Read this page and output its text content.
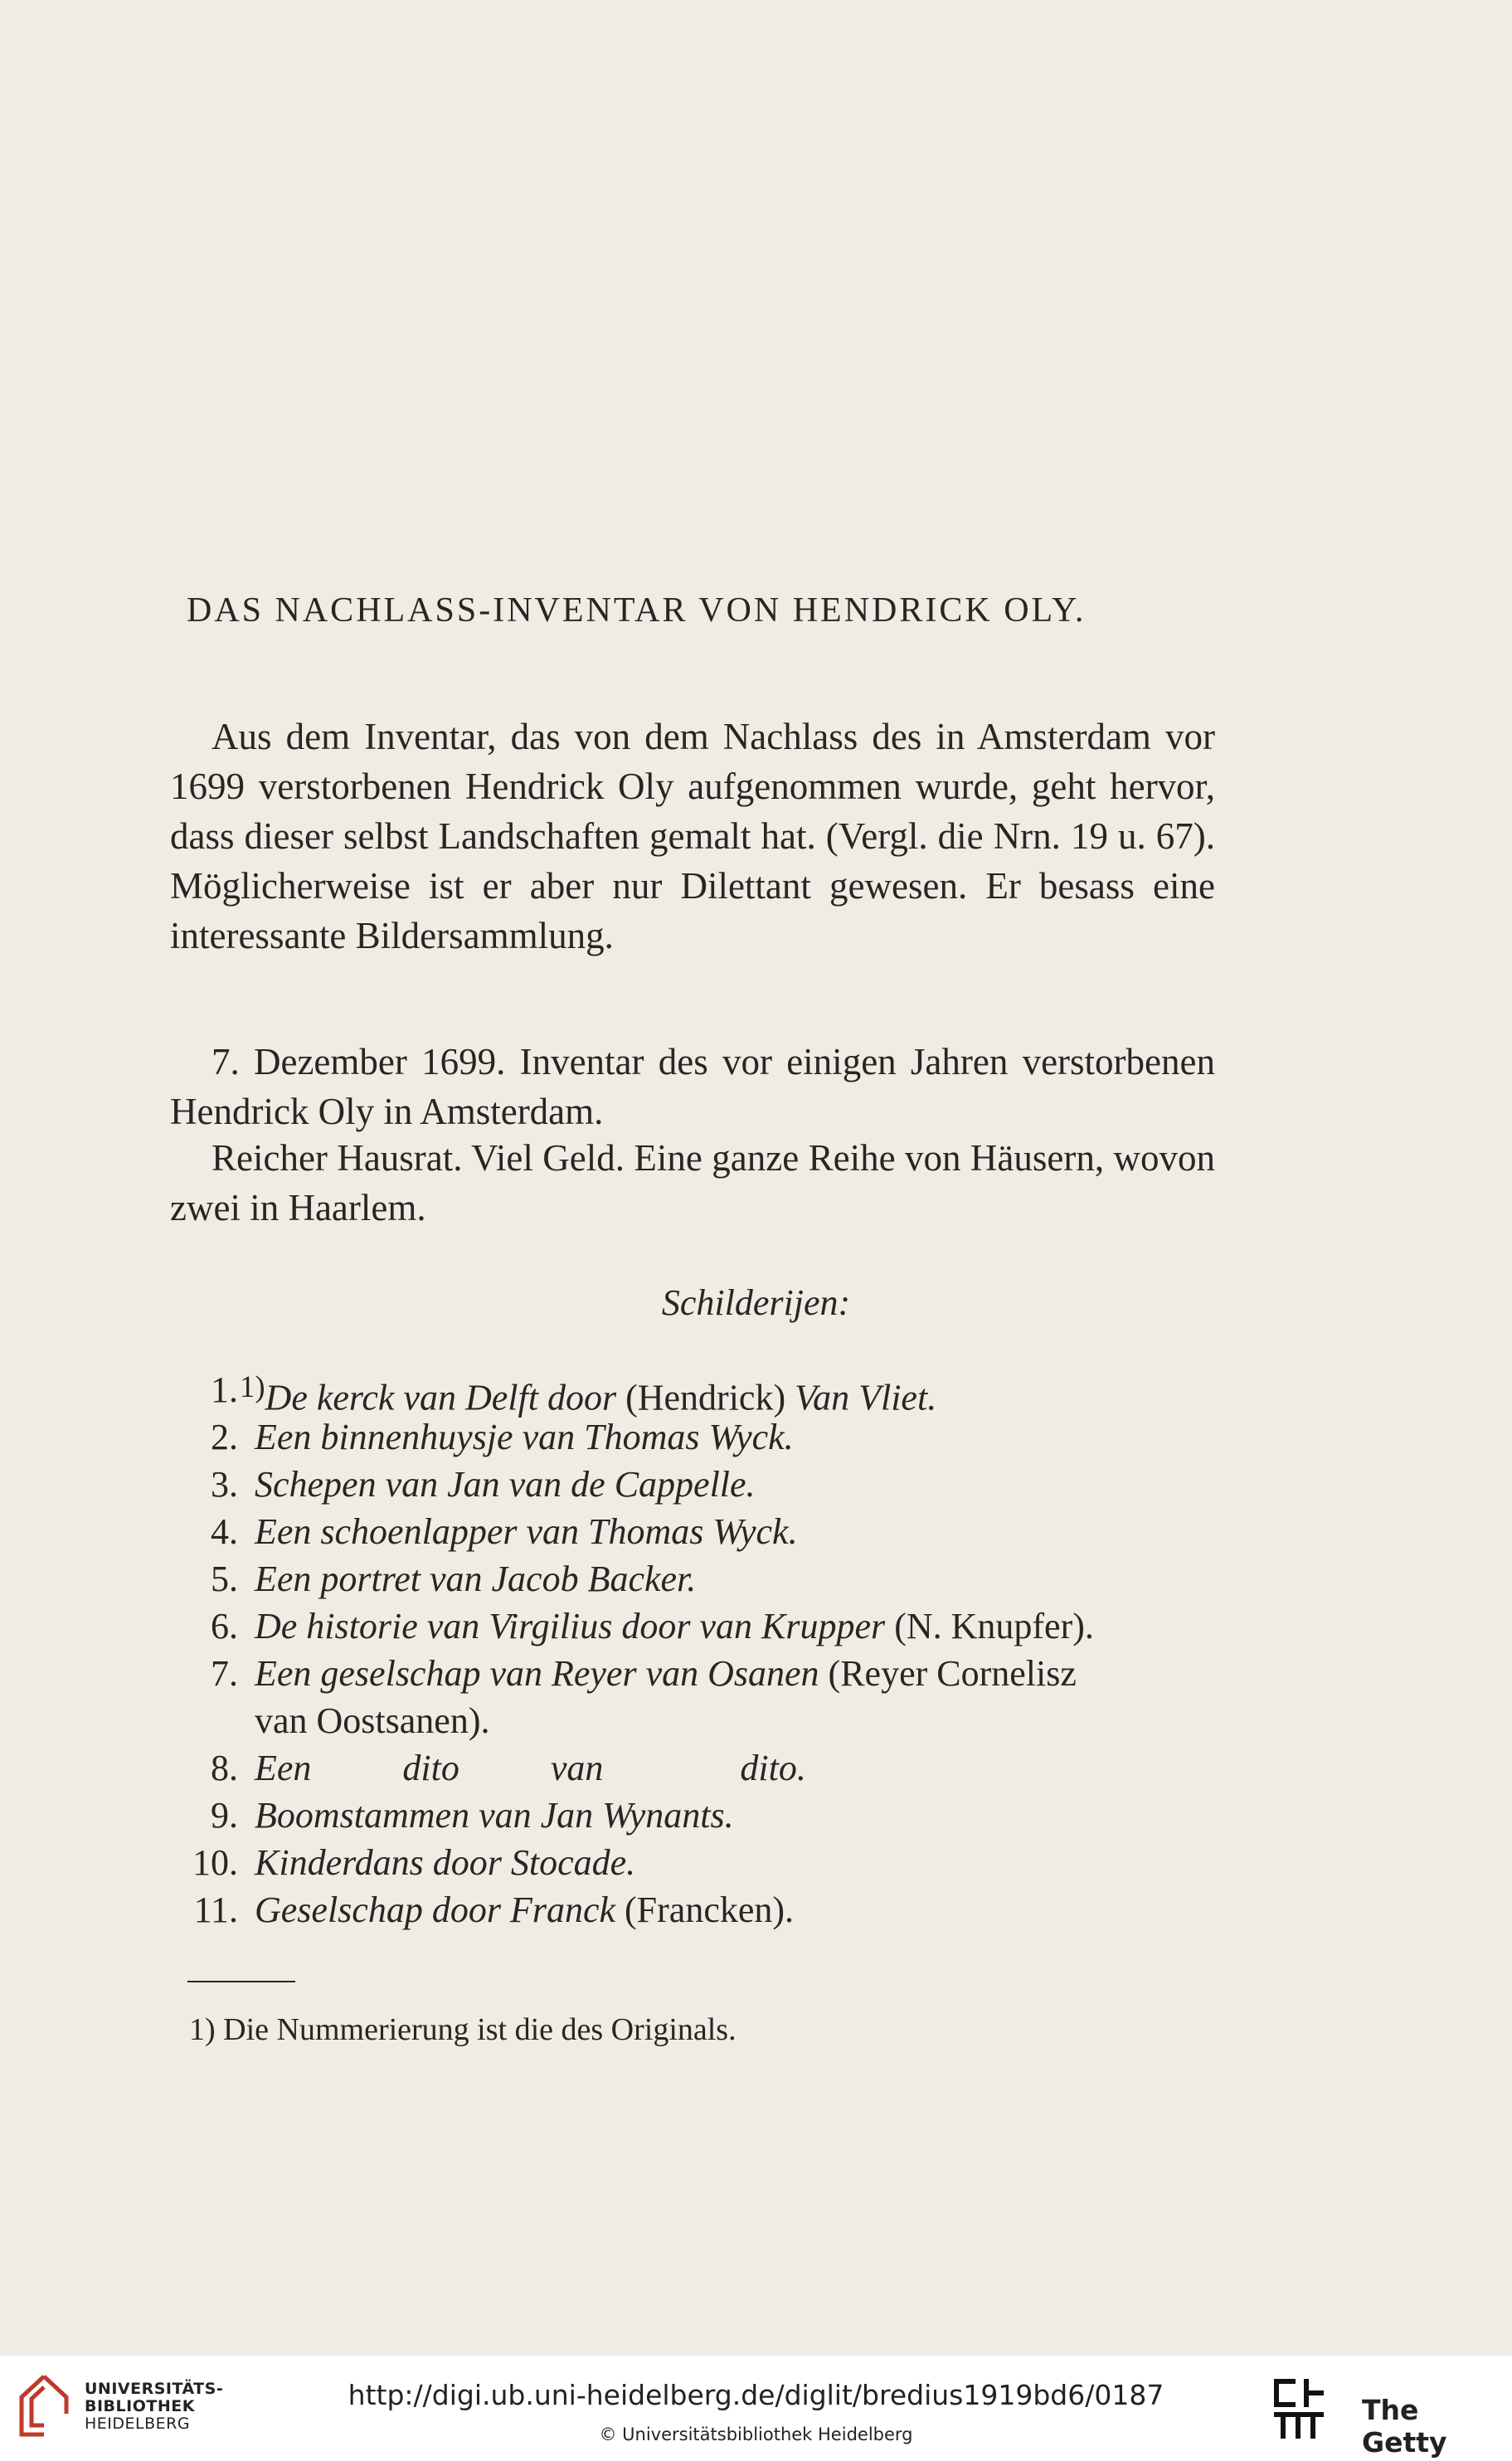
DAS NACHLASS-INVENTAR VON HENDRICK OLY.

Aus dem Inventar, das von dem Nachlass des in Amsterdam vor 1699 verstorbenen Hendrick Oly aufgenommen wurde, geht hervor, dass dieser selbst Landschaften gemalt hat. (Vergl. die Nrn. 19 u. 67). Möglicherweise ist er aber nur Dilettant gewesen. Er besass eine interessante Bildersammlung.

7. Dezember 1699. Inventar des vor einigen Jahren verstorbenen Hendrick Oly in Amsterdam.

Reicher Hausrat. Viel Geld. Eine ganze Reihe von Häusern, wovon zwei in Haarlem.

Schilderijen:
1. $^{1)}$De kerck van Delft door (Hendrick) Van Vliet.
2. Een binnenhuysje van Thomas Wyck.
3. Schepen van Jan van de Cappelle.
4. Een schoenlapper van Thomas Wyck.
5. Een portret van Jacob Backer.
6. De historie van Virgilius door van Krupper (N. Knupfer).
7. Een geselschap van Reyer van Osanen (Reyer Cornelisz
van Oostsanen).
8. Een          dito          van               dito.
9. Boomstammen van Jan Wynants.
10. Kinderdans door Stocade.
11. Geselschap door Franck (Francken).
1) Die Nummerierung ist die des Originals.
UNIVERSITÄTS-
BIBLIOTHEK
HEIDELBERG
http://digi.ub.uni-heidelberg.de/diglit/bredius1919bd6/0187
© Universitätsbibliothek Heidelberg
The Getty
